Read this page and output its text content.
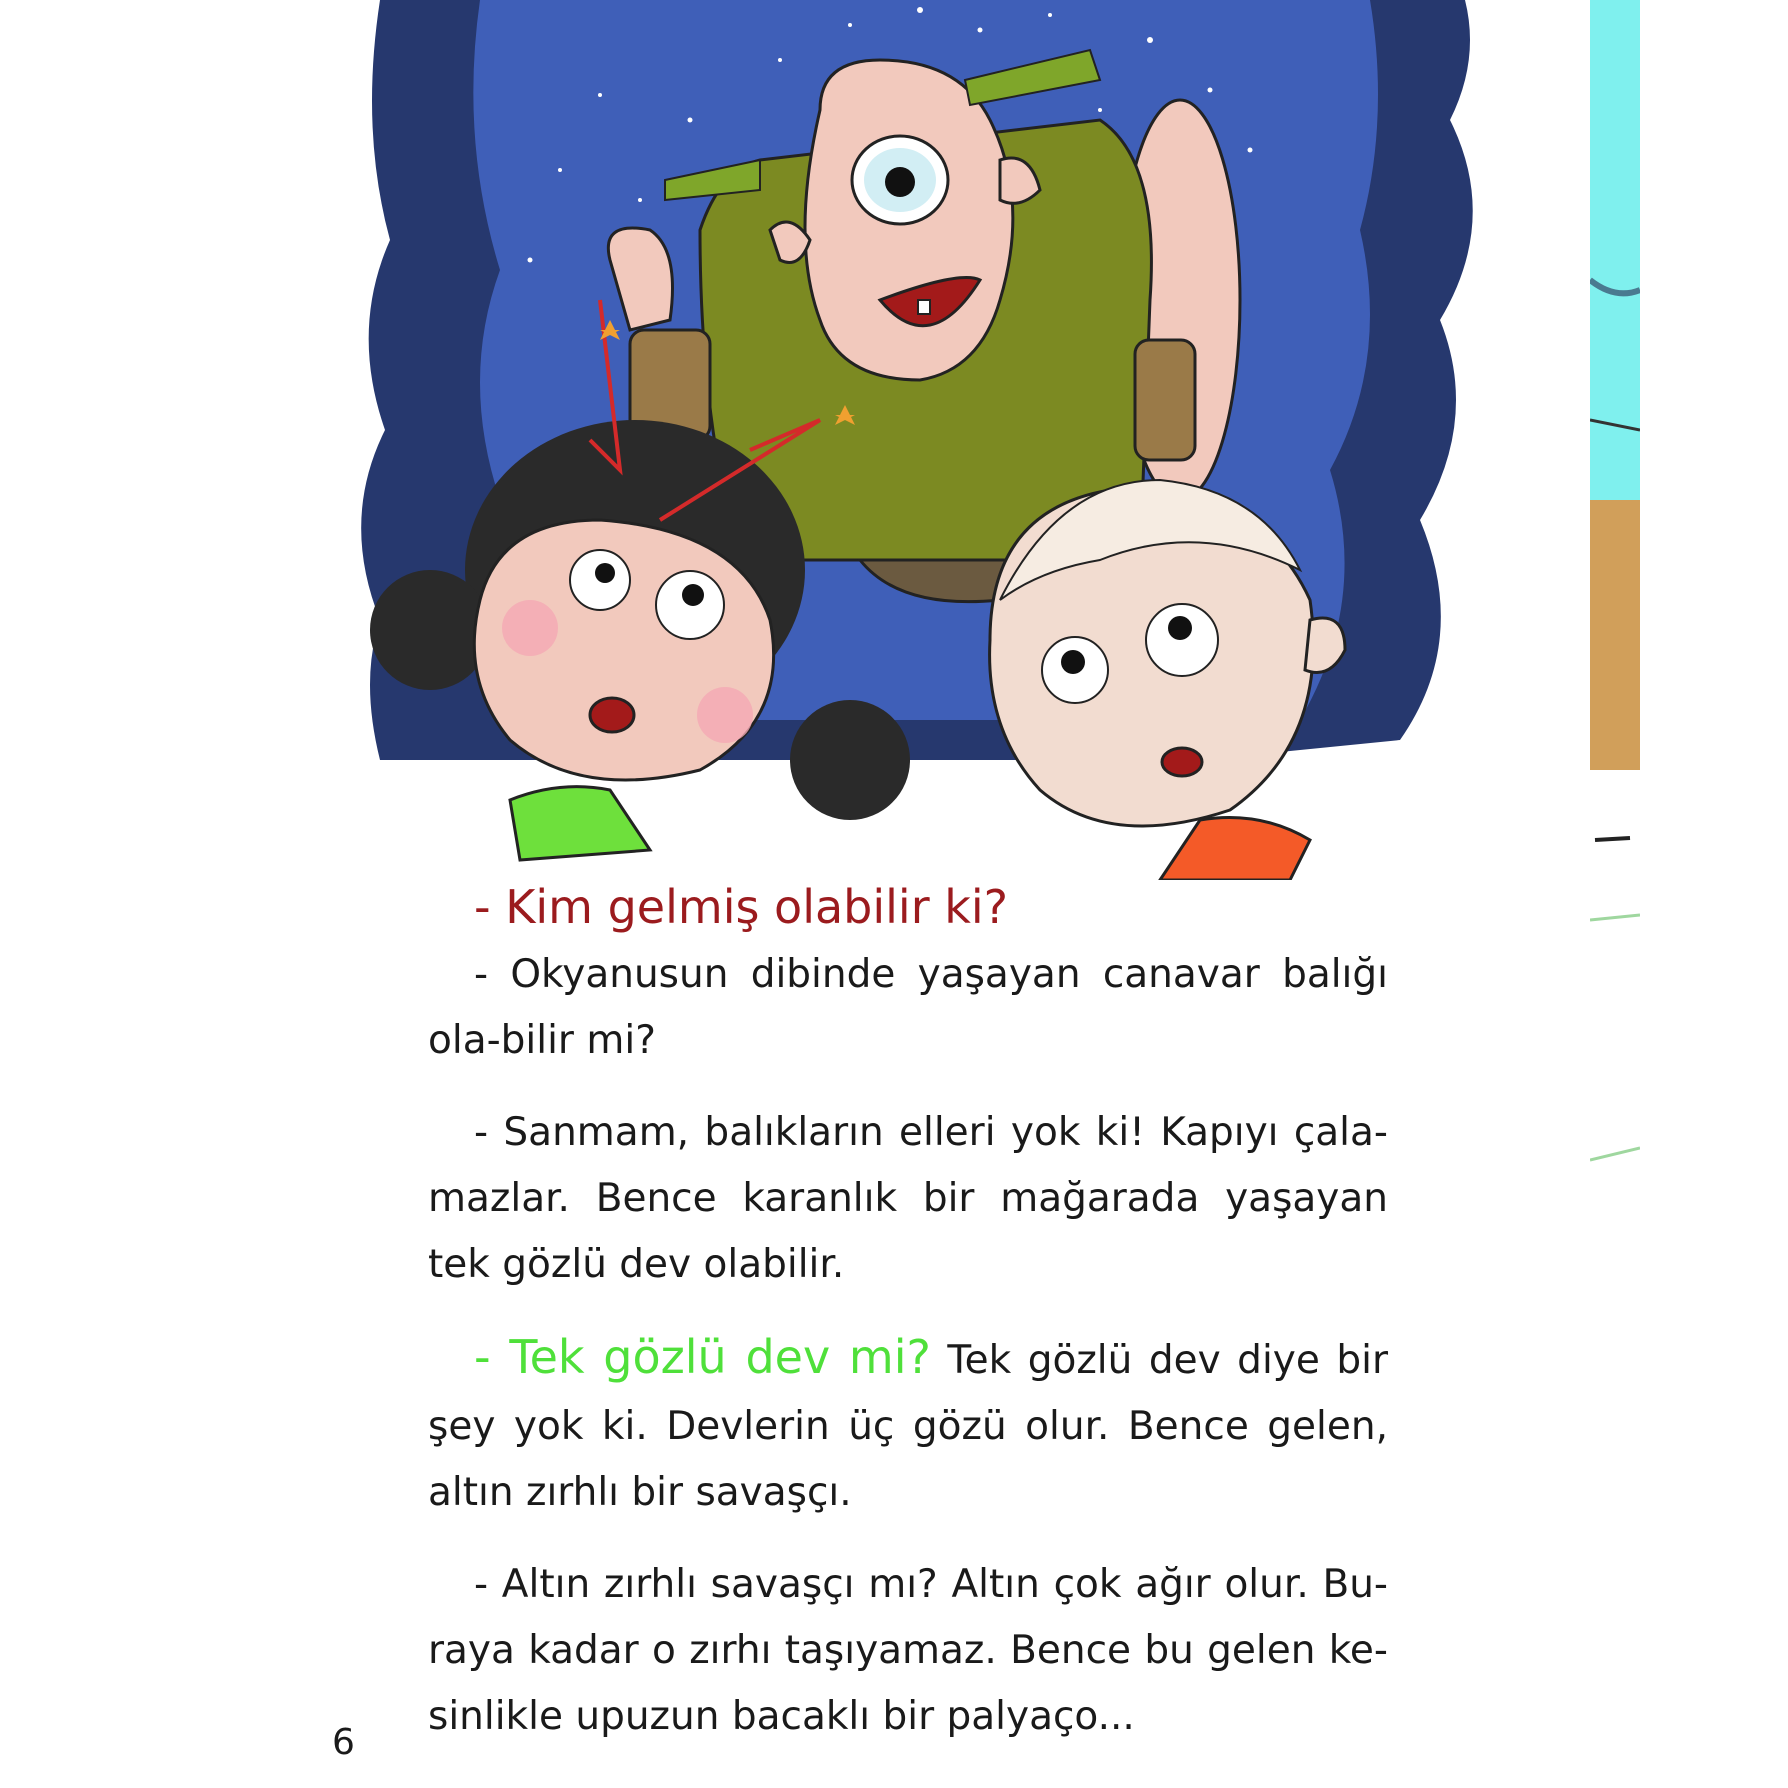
- Kim gelmiş olabilir ki?

- Okyanusun dibinde yaşayan canavar balığı ola-bilir mi?

- Sanmam, balıkların elleri yok ki! Kapıyı çala-mazlar. Bence karanlık bir mağarada yaşayan tek gözlü dev olabilir.

- Tek gözlü dev mi? Tek gözlü dev diye bir şey yok ki. Devlerin üç gözü olur. Bence gelen, altın zırhlı bir savaşçı.

- Altın zırhlı savaşçı mı? Altın çok ağır olur. Bu-raya kadar o zırhı taşıyamaz. Bence bu gelen ke-sinlikle upuzun bacaklı bir palyaço...

6
